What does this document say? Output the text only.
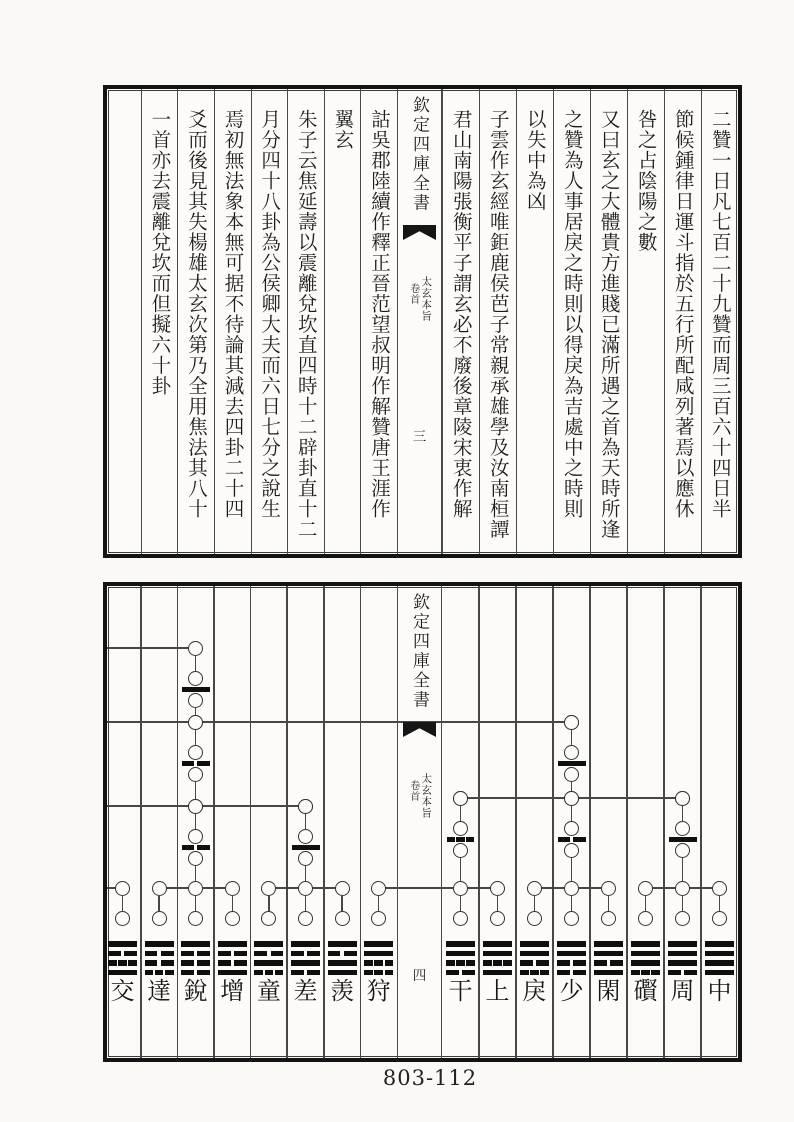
二贊一日凡七百二十九贊而周三百六十四日半
節候鍾律日運斗指於五行所配咸列著焉以應休
咎之占陰陽之數
又曰玄之大體貴方進賤已滿所遇之首為天時所逢
之贊為人事居戾之時則以得戾為吉處中之時則
以失中為凶
子雲作玄經唯鉅鹿侯芭子常親承雄學及汝南桓譚
君山南陽張衡平子謂玄必不廢後章陵宋衷作解
詁吳郡陸續作釋正晉范望叔明作解贊唐王涯作
翼玄
朱子云焦延壽以震離兌坎直四時十二辟卦直十二
月分四十八卦為公侯卿大夫而六日七分之說生
焉初無法象本無可据不待論其減去四卦二十四
爻而後見其失楊雄太玄次第乃全用焦法其八十
一首亦去震離兌坎而但擬六十卦	欽定四庫全書
卷首 太玄本旨
三
中
周
礥
閑
少
戾
上
干
狩
羡
差
童
增
銳
達
交
欽定四庫全書
卷首 太玄本旨
四
803-112
